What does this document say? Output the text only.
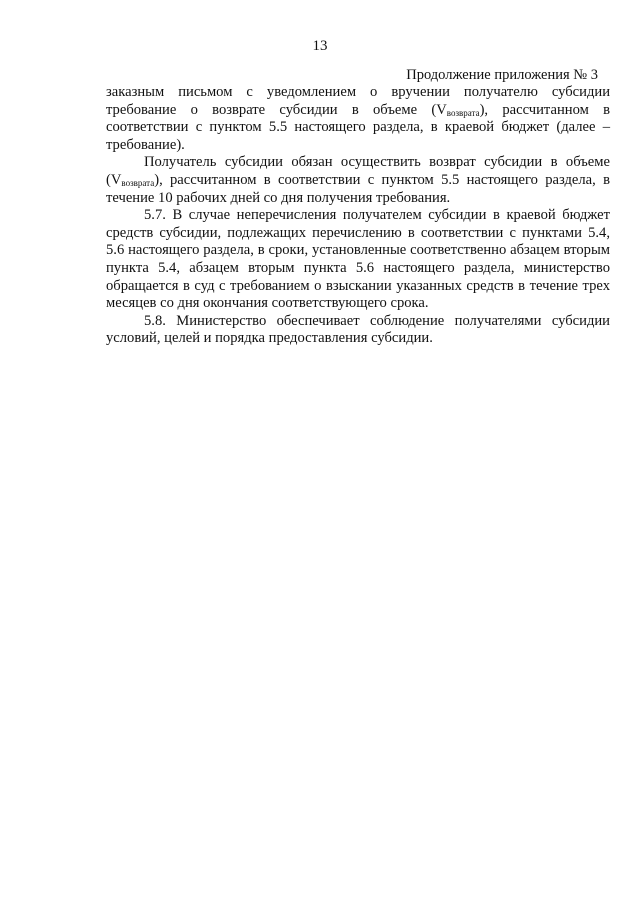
13
Продолжение приложения № 3

заказным письмом с уведомлением о вручении получателю субсидии требование о возврате субсидии в объеме $(V_{возврата})$, рассчитанном в соответствии с пунктом 5.5 настоящего раздела, в краевой бюджет (далее – требование).

Получатель субсидии обязан осуществить возврат субсидии в объеме $(V_{возврата})$, рассчитанном в соответствии с пунктом 5.5 настоящего раздела, в течение 10 рабочих дней со дня получения требования.

5.7. В случае неперечисления получателем субсидии в краевой бюджет средств субсидии, подлежащих перечислению в соответствии с пунктами 5.4, 5.6 настоящего раздела, в сроки, установленные соответственно абзацем вторым пункта 5.4, абзацем вторым пункта 5.6 настоящего раздела, министерство обращается в суд с требованием о взыскании указанных средств в течение трех месяцев со дня окончания соответствующего срока.

5.8. Министерство обеспечивает соблюдение получателями субсидии условий, целей и порядка предоставления субсидии.
